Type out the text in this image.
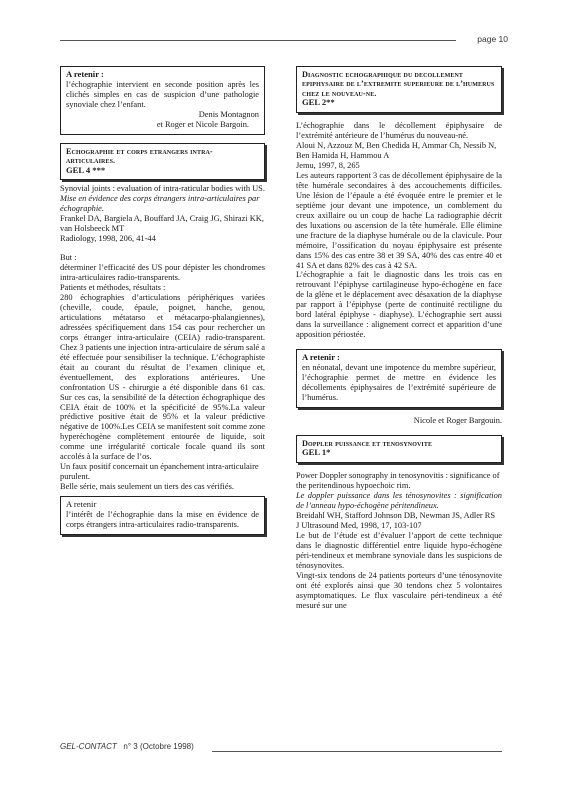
page 10

A retenir :

l’échographie intervient en seconde position après les clichés simples en cas de suspicion d’une pathologie synoviale chez l’enfant.

Denis Montagnon

et Roger et Nicole Bargoin.

Echographie et corps etrangers intra-articulaires.

GEL 4 ***

Synovial joints : evaluation of intra-raticular bodies with US.

Mise en évidence des corps étrangers intra-articulaires par échographie.

Frankel DA, Bargiela A, Bouffard JA, Craig JG, Shirazi KK, van Holsbeeck MT

Radiology, 1998, 206, 41-44

But :

déterminer l’efficacité des US pour dépister les chondromes intra-articulaires radio-transparents.

Patients et méthodes, résultats :

280 échographies d’articulations périphériques variées (cheville, coude, épaule, poignet, hanche, genou, articulations métatarso et métacarpo-phalangiennes), adressées spécifiquement dans 154 cas pour rechercher un corps étranger intra-articulaire (CEIA) radio-transparent. Chez 3 patients une injection intra-articulaire de sérum salé a été effectuée pour sensibiliser la technique. L’échographiste était au courant du résultat de l’examen clinique et, éventuellement, des explorations antérieures. Une confrontation US - chirurgie a été disponible dans 61 cas. Sur ces cas, la sensibilité de la détection échographique des CEIA était de 100% et la spécificité de 95%.La valeur prédictive positive était de 95% et la valeur prédictive négative de 100%.Les CEIA se manifestent soit comme zone hyperéchogène complètement entourée de liquide, soit comme une irrégularité corticale focale quand ils sont accolés à la surface de l’os.

Un faux positif concernait un épanchement intra-articulaire purulent.

Belle série, mais seulement un tiers des cas vérifiés.

A retenir

l’intérêt de l’échographie dans la mise en évidence de corps étrangers intra-articulaires radio-transparents.

Diagnostic echographique du decollement epiphysaire de l’extremite superieure de l’humerus chez le nouveau-ne.

GEL 2**

L’échographie dans le décollement épiphysaire de l’extrémité antérieure de l’humérus du nouveau-né.

Aloui N, Azzouz M, Ben Chedida H, Ammar Ch, Nessib N, Ben Hamida H, Hammou A

Jemu, 1997, 8, 265

Les auteurs rapportent 3 cas de décollement épiphysaire de la tête humérale secondaires à des accouchements difficiles. Une lésion de l’épaule a été évoquée entre le premier et le septième jour devant une impotence, un comblement du creux axillaire ou un coup de hache La radiographie décrit des luxations ou ascension de la tête humérale. Elle élimine une fracture de la diaphyse humérale ou de la clavicule. Pour mémoire, l’ossification du noyau épiphysaire est présente dans 15% des cas entre 38 et 39 SA, 40% des cas entre 40 et 41 SA et dans 82% des cas à 42 SA.

L’échographie a fait le diagnostic dans les trois cas en retrouvant l’épiphyse cartilagineuse hypo-échogène en face de la glène et le déplacement avec désaxation de la diaphyse par rapport à l’épiphyse (perte de continuité rectiligne du bord latéral épiphyse - diaphyse). L’échographie sert aussi dans la surveillance : alignement correct et apparition d’une apposition périostée.

A retenir :

en néonatal, devant une impotence du membre supérieur, l’échographie permet de mettre en évidence les décollements épiphysaires de l’extrémité supérieure de l’humérus.

Nicole et Roger Bargouin.

Doppler puissance et tenosynovite

GEL 1*

Power Doppler sonography in tenosynovitis : significance of the peritendinous hypoechoic rim.

Le doppler puissance dans les ténosynovites : signification de l’anneau hypo-échogène péritendineux.

Breidahl WH, Stafford Johnson DB, Newman JS, Adler RS

J Ultrasound Med, 1998, 17, 103-107

Le but de l’étude est d’évaluer l’apport de cette technique dans le diagnostic différentiel entre liquide hypo-échogène péri-tendineux et membrane synoviale dans les suspicions de ténosynovites.

Vingt-six tendons de 24 patients porteurs d’une ténosynovite ont été explorés ainsi que 30 tendons chez 5 volontaires asymptomatiques. Le flux vasculaire péri-tendineux a été mesuré sur une

GEL-CONTACT n° 3 (Octobre 1998)
